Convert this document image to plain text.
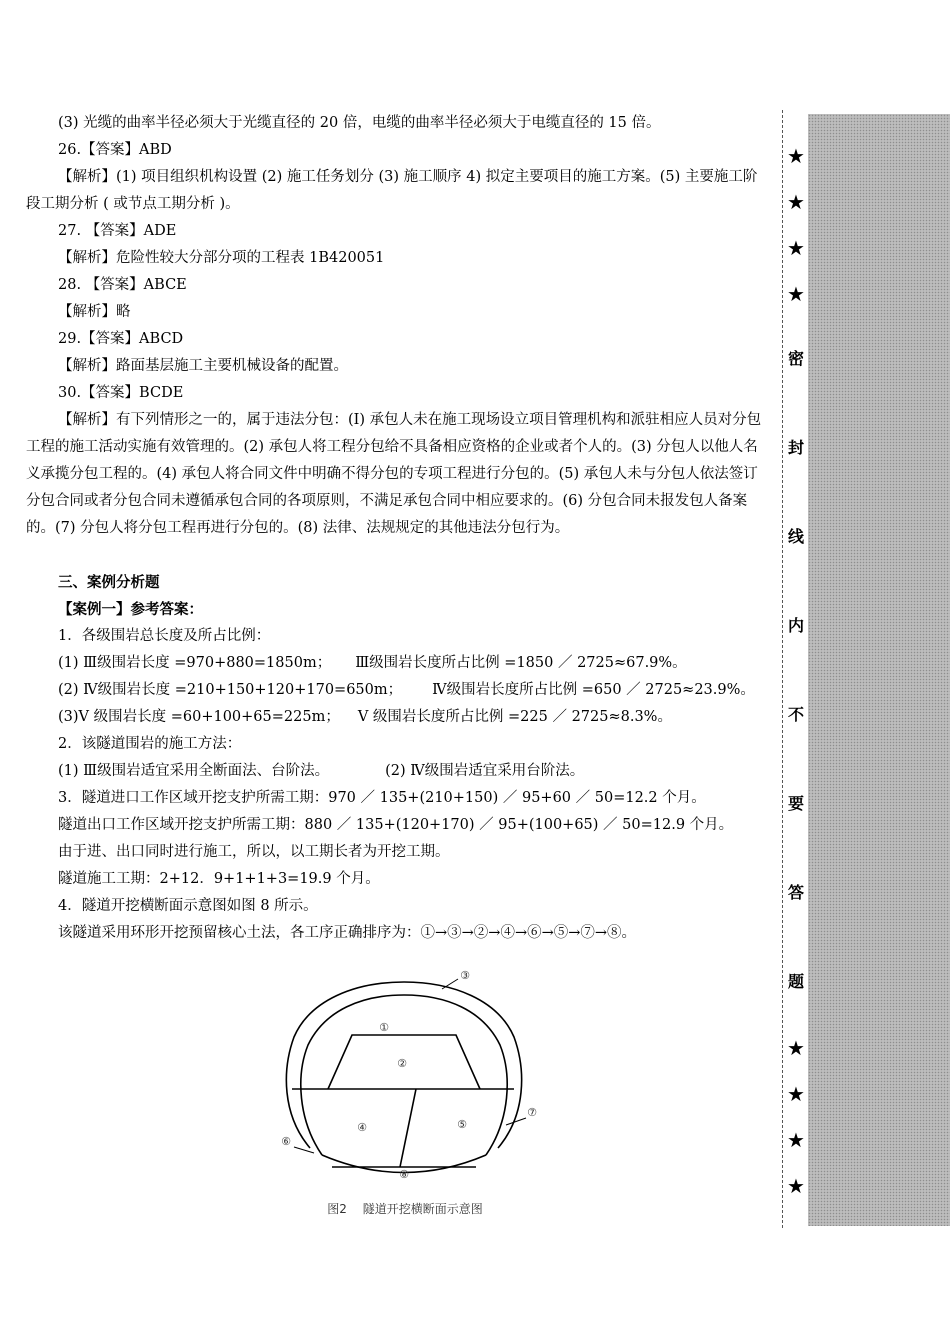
(3) 光缆的曲率半径必须大于光缆直径的 20 倍，电缆的曲率半径必须大于电缆直径的 15 倍。

26.【答案】ABD

【解析】(1) 项目组织机构设置 (2) 施工任务划分 (3) 施工顺序 4) 拟定主要项目的施工方案。(5) 主要施工阶段工期分析 ( 或节点工期分析 )。

27. 【答案】ADE

【解析】危险性较大分部分项的工程表 1B420051

28. 【答案】ABCE

【解析】略

29.【答案】ABCD

【解析】路面基层施工主要机械设备的配置。

30.【答案】BCDE

【解析】有下列情形之一的，属于违法分包：(I) 承包人未在施工现场设立项目管理机构和派驻相应人员对分包工程的施工活动实施有效管理的。(2) 承包人将工程分包给不具备相应资格的企业或者个人的。(3) 分包人以他人名义承揽分包工程的。(4) 承包人将合同文件中明确不得分包的专项工程进行分包的。(5) 承包人未与分包人依法签订分包合同或者分包合同未遵循承包合同的各项原则，不满足承包合同中相应要求的。(6) 分包合同未报发包人备案的。(7) 分包人将分包工程再进行分包的。(8) 法律、法规规定的其他违法分包行为。

三、案例分析题

【案例一】参考答案：

1．各级围岩总长度及所占比例：

(1) Ⅲ级围岩长度 =970+880=1850m； Ⅲ级围岩长度所占比例 =1850 ／ 2725≈67.9%。

(2) Ⅳ级围岩长度 =210+150+120+170=650m； Ⅳ级围岩长度所占比例 =650 ／ 2725≈23.9%。

(3)Ⅴ 级围岩长度 =60+100+65=225m； Ⅴ 级围岩长度所占比例 =225 ／ 2725≈8.3%。

2．该隧道围岩的施工方法：

(1) Ⅲ级围岩适宜采用全断面法、台阶法。	(2) Ⅳ级围岩适宜采用台阶法。

3．隧道进口工作区域开挖支护所需工期：970 ／ 135+(210+150) ／ 95+60 ／ 50=12.2 个月。

隧道出口工作区域开挖支护所需工期：880 ／ 135+(120+170) ／ 95+(100+65) ／ 50=12.9 个月。

由于进、出口同时进行施工，所以，以工期长者为开挖工期。

隧道施工工期：2+12．9+1+1+3=19.9 个月。

4．隧道开挖横断面示意图如图 8 所示。

该隧道采用环形开挖预留核心土法，各工序正确排序为：①→③→②→④→⑥→⑤→⑦→⑧。

①
②
③
④	⑤
⑥
⑦
⑧
图2　 隧道开挖横断面示意图
★
★
★
★
密
封
线
内
不
要
答
题
★
★
★
★
